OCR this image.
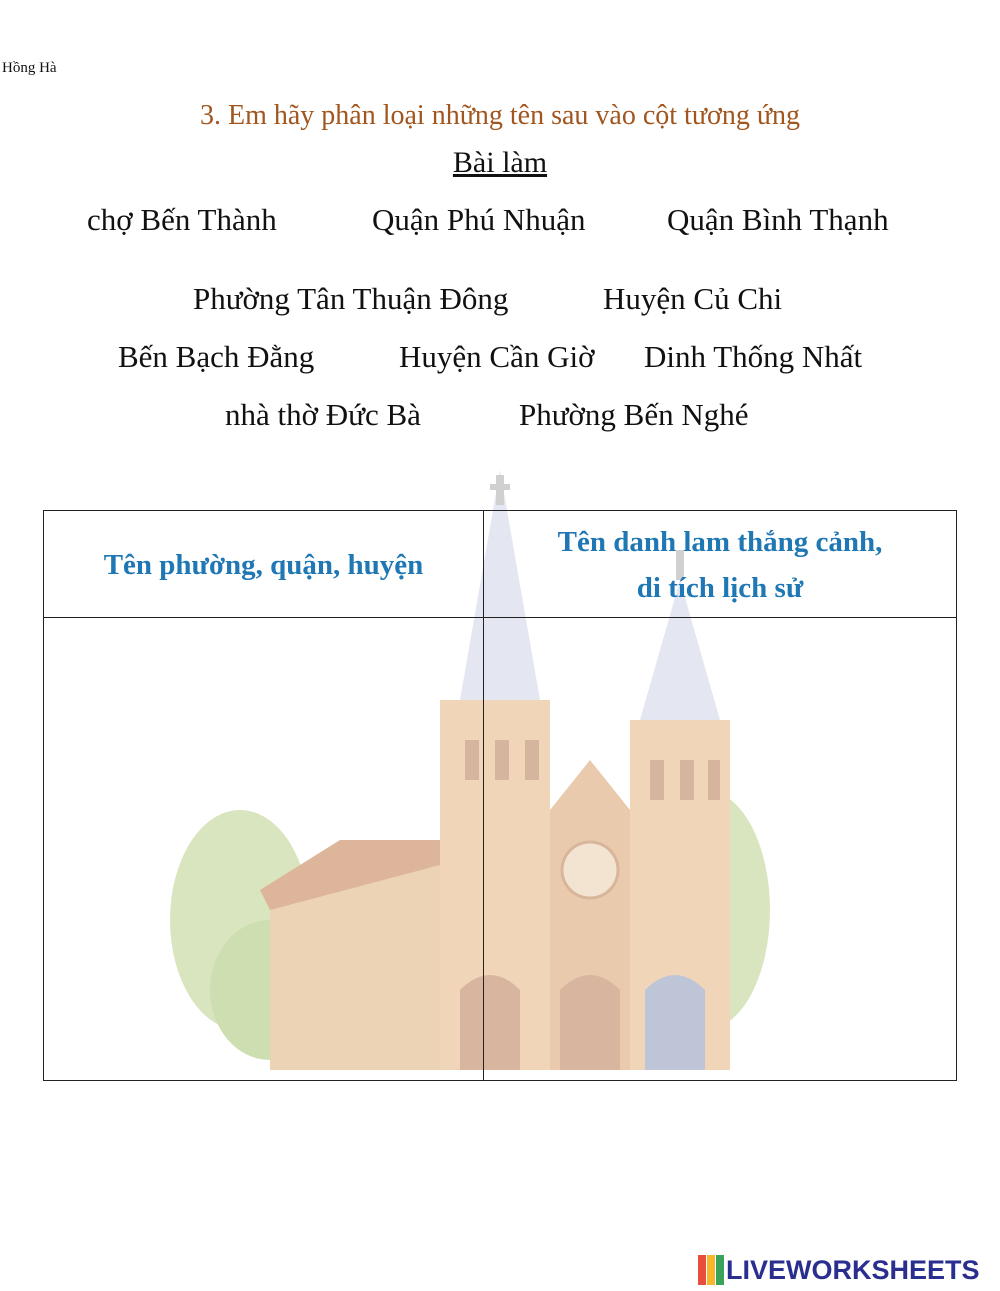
Hồng Hà
3. Em hãy phân loại những tên sau vào cột tương ứng
Bài làm
chợ Bến Thành	Quận Phú Nhuận	Quận Bình Thạnh
Phường Tân Thuận Đông	Huyện Củ Chi
Bến Bạch Đằng	Huyện Cần Giờ Dinh Thống Nhất
nhà thờ Đức Bà	Phường Bến Nghé
Tên phường, quận, huyện
Tên danh lam thắng cảnh,
di tích lịch sử
LIVEWORKSHEETS
